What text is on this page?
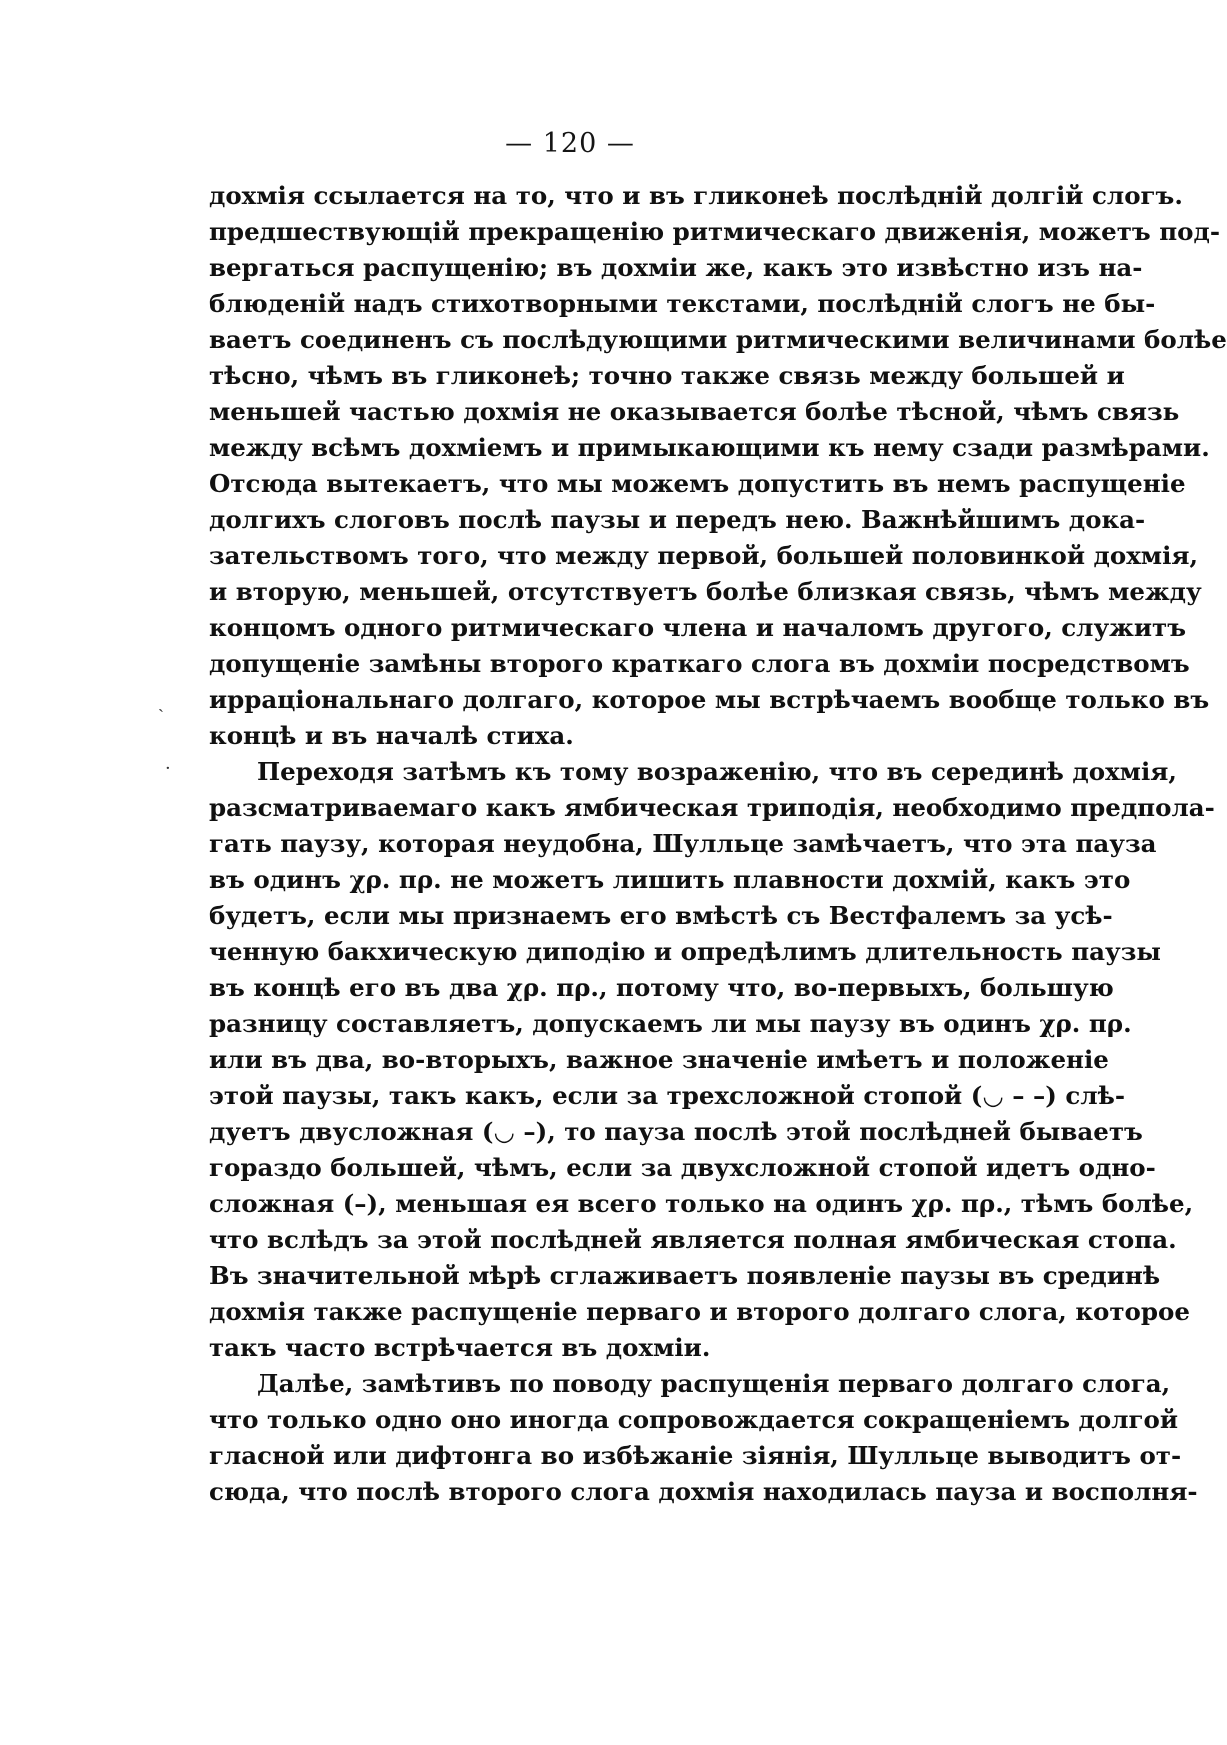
— 120 —
ˎ
·
дохмія ссылается на то, что и въ гликонеѣ послѣдній долгій слогъ.
предшествующій прекращенію ритмическаго движенія, можетъ под-
вергаться распущенію; въ дохміи же, какъ это извѣстно изъ на-
блюденій надъ стихотворными текстами, послѣдній слогъ не бы-
ваетъ соединенъ съ послѣдующими ритмическими величинами болѣе
тѣсно, чѣмъ въ гликонеѣ; точно также связь между большей и
меньшей частью дохмія не оказывается болѣе тѣсной, чѣмъ связь
между всѣмъ дохміемъ и примыкающими къ нему сзади размѣрами.
Отсюда вытекаетъ, что мы можемъ допустить въ немъ распущеніе
долгихъ слоговъ послѣ паузы и передъ нею. Важнѣйшимъ дока-
зательствомъ того, что между первой, большей половинкой дохмія,
и вторую, меньшей, отсутствуетъ болѣе близкая связь, чѣмъ между
концомъ одного ритмическаго члена и началомъ другого, служитъ
допущеніе замѣны второго краткаго слога въ дохміи посредствомъ
ирраціональнаго долгаго, которое мы встрѣчаемъ вообще только въ
концѣ и въ началѣ стиха.
Переходя затѣмъ къ тому возраженію, что въ серединѣ дохмія,
разсматриваемаго какъ ямбическая триподія, необходимо предпола-
гать паузу, которая неудобна, Шулльце замѣчаетъ, что эта пауза
въ одинъ χρ. πρ. не можетъ лишить плавности дохмій, какъ это
будетъ, если мы признаемъ его вмѣстѣ съ Вестфалемъ за усѣ-
ченную бакхическую диподію и опредѣлимъ длительность паузы
въ концѣ его въ два χρ. πρ., потому что, во-первыхъ, большую
разницу составляетъ, допускаемъ ли мы паузу въ одинъ χρ. πρ.
или въ два, во-вторыхъ, важное значеніе имѣетъ и положеніе
этой паузы, такъ какъ, если за трехсложной стопой (◡ – –) слѣ-
дуетъ двусложная (◡ –), то пауза послѣ этой послѣдней бываетъ
гораздо большей, чѣмъ, если за двухсложной стопой идетъ одно-
сложная (–), меньшая ея всего только на одинъ χρ. πρ., тѣмъ болѣе,
что вслѣдъ за этой послѣдней является полная ямбическая стопа.
Въ значительной мѣрѣ сглаживаетъ появленіе паузы въ срединѣ
дохмія также распущеніе перваго и второго долгаго слога, которое
такъ часто встрѣчается въ дохміи.
Далѣе, замѣтивъ по поводу распущенія перваго долгаго слога,
что только одно оно иногда сопровождается сокращеніемъ долгой
гласной или дифтонга во избѣжаніе зіянія, Шулльце выводитъ от-
сюда, что послѣ второго слога дохмія находилась пауза и восполня-
